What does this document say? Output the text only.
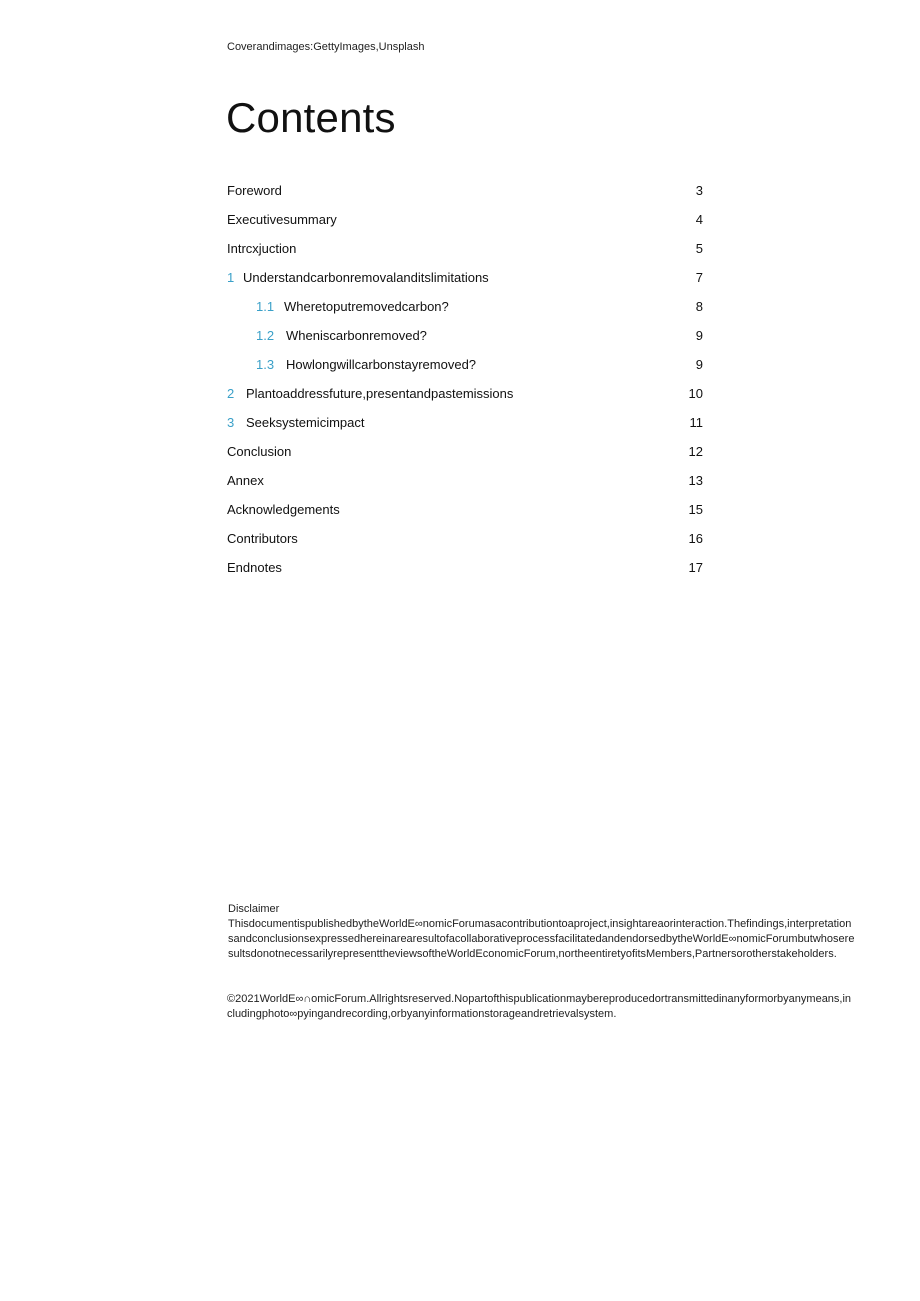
Coverandimages:GettyImages,Unsplash
Contents
Foreword	3
Executivesummary	4
Intrcxjuction	5
1 Understandcarbonremovalanditslimitations	7
1.1 Wheretoputremovedcarbon?	8
1.2 Wheniscarbonremoved?	9
1.3 Howlongwillcarbonstayremoved?	9
2 Plantoaddressfuture,presentandpastemissions	10
3 Seeksystemicimpact	11
Conclusion	12
Annex	13
Acknowledgements	15
Contributors	16
Endnotes	17
Disclaimer
ThisdocumentispublishedbytheWorldE∞nomicForumasacontributiontoaproject,insightareaorinteraction.Thefindings,interpretationsandconclusionsexpressedhereinarearesultofacollaborativeprocessfacilitatedandendorsedbytheWorldE∞nomicForumbutwhoseresultsdonotnecessarilyrepresenttheviewsoftheWorldEconomicForum,northeentiretyofitsMembers,Partnersorotherstakeholders.
©2021WorldE∞∩omicForum.Allrightsreserved.Nopartofthispublicationmaybereproducedortransmittedinanyformorbyanymeans,includingphoto∞pyingandrecording,orbyanyinformationstorageandretrievalsystem.
